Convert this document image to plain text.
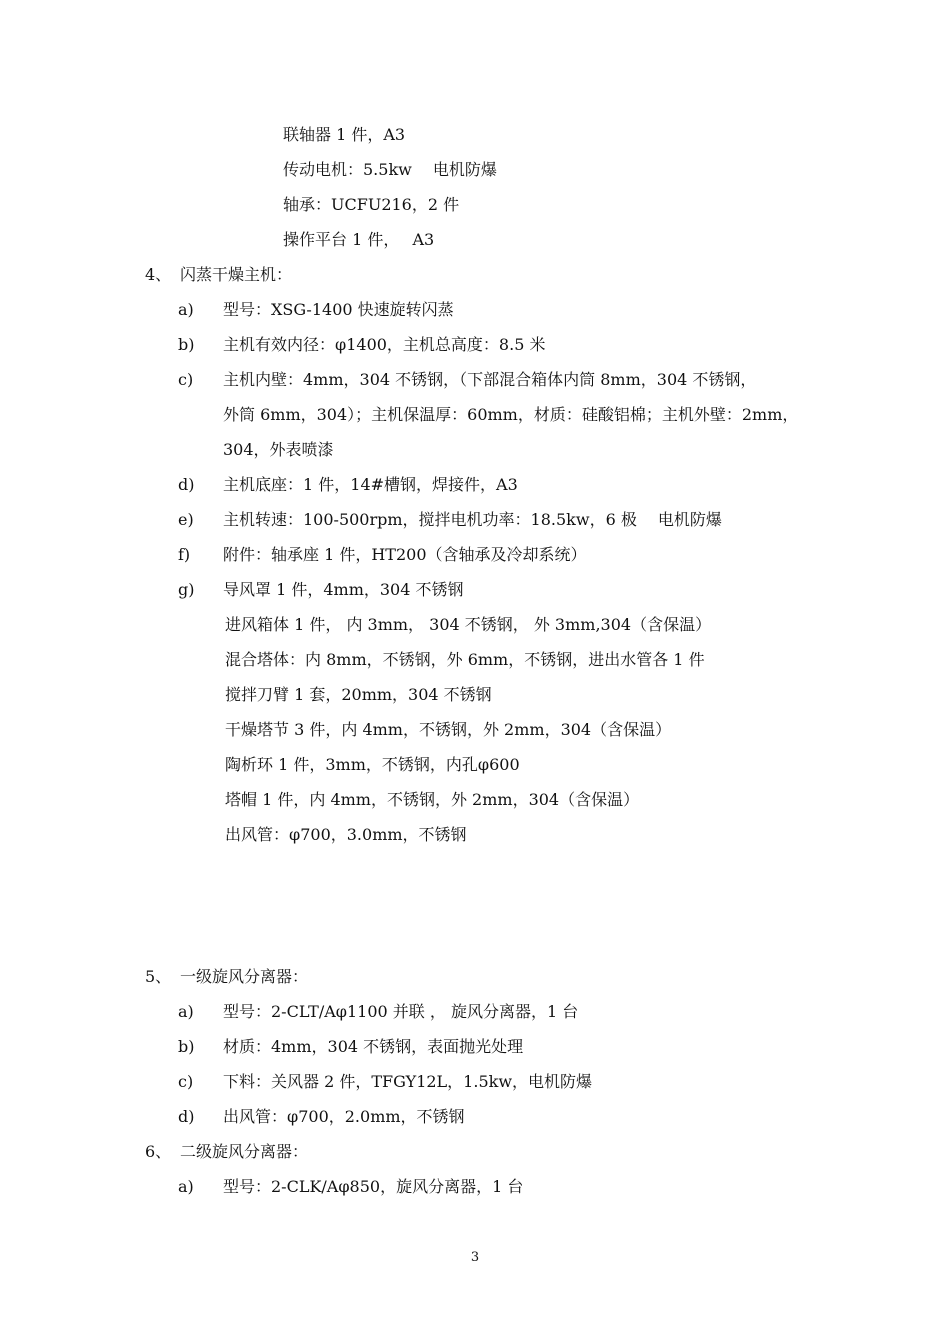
联轴器 1 件，A3
传动电机：5.5kw　 电机防爆
轴承：UCFU216，2 件
操作平台 1 件，　 A3
4、 闪蒸干燥主机：
a) 型号：XSG-1400 快速旋转闪蒸
b) 主机有效内径：φ1400，主机总高度：8.5 米
c) 主机内壁：4mm，304 不锈钢，（下部混合箱体内筒 8mm，304 不锈钢，
外筒 6mm，304）；主机保温厚：60mm，材质：硅酸铝棉；主机外壁：2mm，
304，外表喷漆
d) 主机底座：1 件，14#槽钢，焊接件，A3
e) 主机转速：100-500rpm，搅拌电机功率：18.5kw，6 极　 电机防爆
f) 附件：轴承座 1 件，HT200（含轴承及冷却系统）
g) 导风罩 1 件，4mm，304 不锈钢
进风箱体 1 件， 内 3mm， 304 不锈钢， 外 3mm,304（含保温）
混合塔体：内 8mm，不锈钢，外 6mm，不锈钢，进出水管各 1 件
搅拌刀臂 1 套，20mm，304 不锈钢
干燥塔节 3 件，内 4mm，不锈钢，外 2mm，304（含保温）
陶析环 1 件，3mm，不锈钢，内孔φ600
塔帽 1 件，内 4mm，不锈钢，外 2mm，304（含保温）
出风管：φ700，3.0mm，不锈钢
5、 一级旋风分离器：
a) 型号：2-CLT/Aφ1100 并联 ， 旋风分离器，1 台
b) 材质：4mm，304 不锈钢，表面抛光处理
c) 下料：关风器 2 件，TFGY12L，1.5kw，电机防爆
d) 出风管：φ700，2.0mm，不锈钢
6、 二级旋风分离器：
a) 型号：2-CLK/Aφ850，旋风分离器，1 台
3
